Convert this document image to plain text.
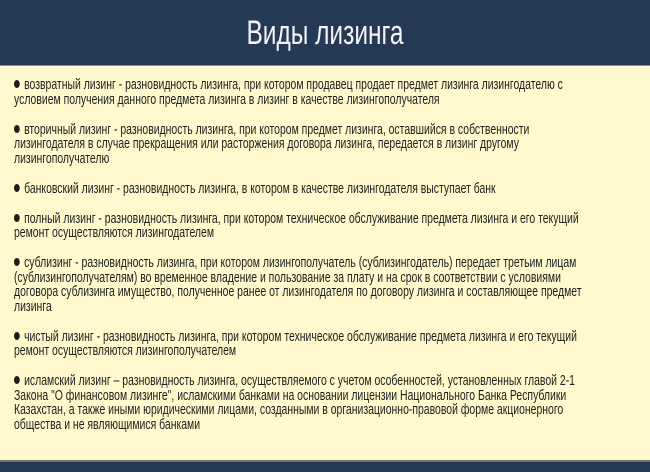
Виды лизинга
возвратный лизинг - разновидность лизинга, при котором продавец продает предмет лизинга лизингодателю с
условием получения данного предмета лизинга в лизинг в качестве лизингополучателя
вторичный лизинг - разновидность лизинга, при котором предмет лизинга, оставшийся в собственности
лизингодателя в случае прекращения или расторжения договора лизинга, передается в лизинг другому
лизингополучателю
банковский лизинг - разновидность лизинга, в котором в качестве лизингодателя выступает банк
полный лизинг - разновидность лизинга, при котором техническое обслуживание предмета лизинга и его текущий
ремонт осуществляются лизингодателем
сублизинг - разновидность лизинга, при котором лизингополучатель (сублизингодатель) передает третьим лицам
(сублизингополучателям) во временное владение и пользование за плату и на срок в соответствии с условиями
договора сублизинга имущество, полученное ранее от лизингодателя по договору лизинга и составляющее предмет
лизинга
чистый лизинг - разновидность лизинга, при котором техническое обслуживание предмета лизинга и его текущий
ремонт осуществляются лизингополучателем
исламский лизинг – разновидность лизинга, осуществляемого с учетом особенностей, установленных главой 2-1
Закона "О финансовом лизинге", исламскими банками на основании лицензии Национального Банка Республики
Казахстан, а также иными юридическими лицами, созданными в организационно-правовой форме акционерного
общества и не являющимися банками
